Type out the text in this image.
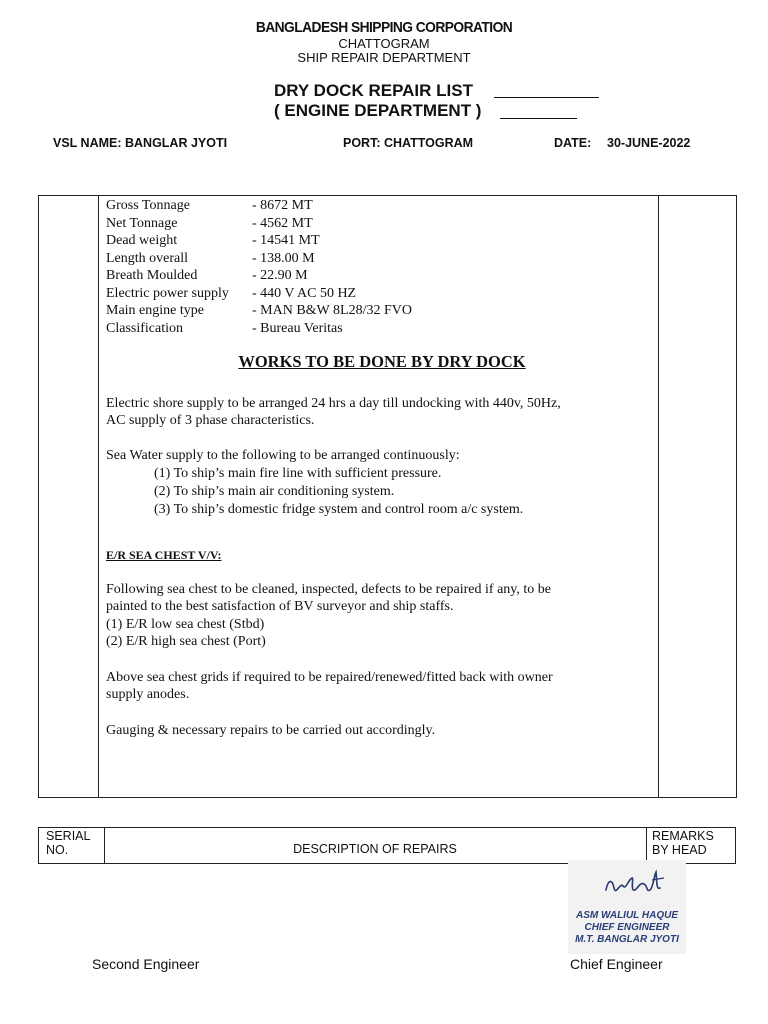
BANGLADESH SHIPPING CORPORATION
CHATTOGRAM
SHIP REPAIR DEPARTMENT
DRY DOCK REPAIR LIST
( ENGINE DEPARTMENT )
VSL NAME: BANGLAR JYOTI	PORT: CHATTOGRAM	DATE: 30-JUNE-2022
Gross Tonnage	- 8672 MT
Net Tonnage	- 4562 MT
Dead weight	- 14541 MT
Length overall	- 138.00 M
Breath Moulded	- 22.90 M
Electric power supply - 440 V AC 50 HZ
Main engine type	- MAN B&W 8L28/32 FVO
Classification	- Bureau Veritas
WORKS TO BE DONE BY DRY DOCK
Electric shore supply to be arranged 24 hrs a day till undocking with 440v, 50Hz,
AC supply of 3 phase characteristics.
Sea Water supply to the following to be arranged continuously:
(1) To ship’s main fire line with sufficient pressure.
(2) To ship’s main air conditioning system.
(3) To ship’s domestic fridge system and control room a/c system.
E/R SEA CHEST V/V:
Following sea chest to be cleaned, inspected, defects to be repaired if any, to be
painted to the best satisfaction of BV surveyor and ship staffs.
(1) E/R low sea chest (Stbd)
(2) E/R high sea chest (Port)
Above sea chest grids if required to be repaired/renewed/fitted back with owner
supply anodes.
Gauging & necessary repairs to be carried out accordingly.
SERIAL
NO.	DESCRIPTION OF REPAIRS
REMARKS
BY HEAD
ASM WALIUL HAQUE
CHIEF ENGINEER
M.T. BANGLAR JYOTI
Second Engineer	Chief Engineer
